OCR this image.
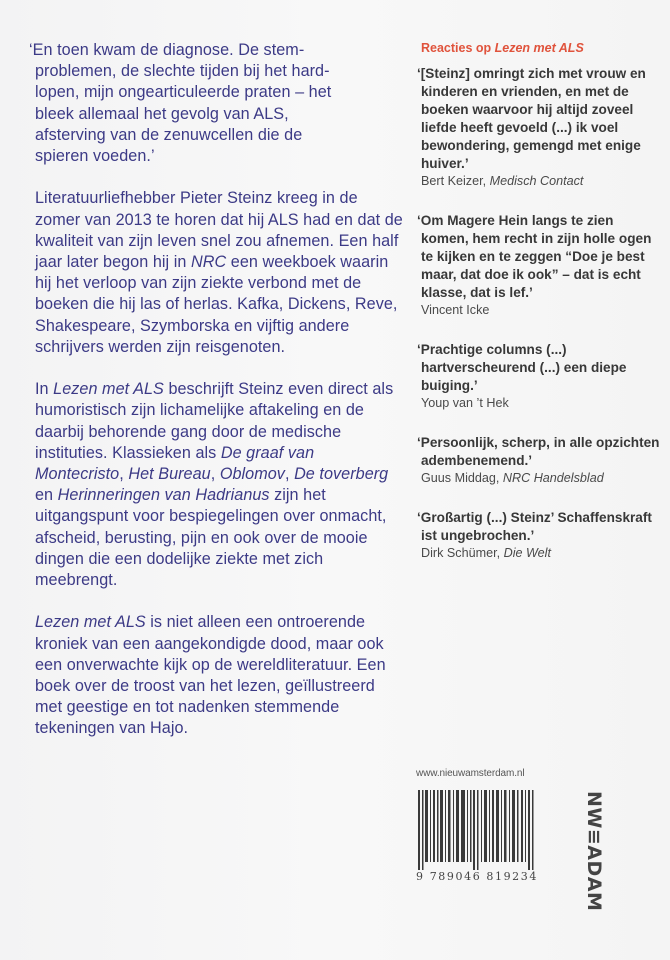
‘En toen kwam de diagnose. De stem-
problemen, de slechte tijden bij het hard-
lopen, mijn ongearticuleerde praten – het
bleek allemaal het gevolg van ALS,
afsterving van de zenuwcellen die de
spieren voeden.’

Literatuurliefhebber Pieter Steinz kreeg in de zomer van 2013 te horen dat hij ALS had en dat de kwaliteit van zijn leven snel zou afnemen. Een half jaar later begon hij in NRC een weekboek waarin hij het verloop van zijn ziekte verbond met de boeken die hij las of herlas. Kafka, Dickens, Reve, Shakespeare, Szymborska en vijftig andere schrijvers werden zijn reisgenoten.

In Lezen met ALS beschrijft Steinz even direct als humoristisch zijn lichamelijke aftakeling en de daarbij behorende gang door de medische instituties. Klassieken als De graaf van Montecristo, Het Bureau, Oblomov, De toverberg en Herinneringen van Hadrianus zijn het uitgangspunt voor bespiegelingen over onmacht, afscheid, berusting, pijn en ook over de mooie dingen die een dodelijke ziekte met zich meebrengt.

Lezen met ALS is niet alleen een ontroerende kroniek van een aangekondigde dood, maar ook een onverwachte kijk op de wereldliteratuur. Een boek over de troost van het lezen, geïllustreerd met geestige en tot nadenken stemmende tekeningen van Hajo.

Reacties op Lezen met ALS

‘[Steinz] omringt zich met vrouw en kinderen en vrienden, en met de boeken waarvoor hij altijd zoveel liefde heeft gevoeld (...) ik voel bewondering, gemengd met enige huiver.’

Bert Keizer, Medisch Contact

‘Om Magere Hein langs te zien komen, hem recht in zijn holle ogen te kijken en te zeggen “Doe je best maar, dat doe ik ook” – dat is echt klasse, dat is lef.’

Vincent Icke

‘Prachtige columns (...) hartverscheurend (...) een diepe buiging.’

Youp van ’t Hek

‘Persoonlijk, scherp, in alle opzichten adembenemend.’

Guus Middag, NRC Handelsblad

‘Großartig (...) Steinz’ Schaffenskraft ist ungebrochen.’

Dirk Schümer, Die Welt

www.nieuwamsterdam.nl
9 789046 819234 NW≡ADAM
